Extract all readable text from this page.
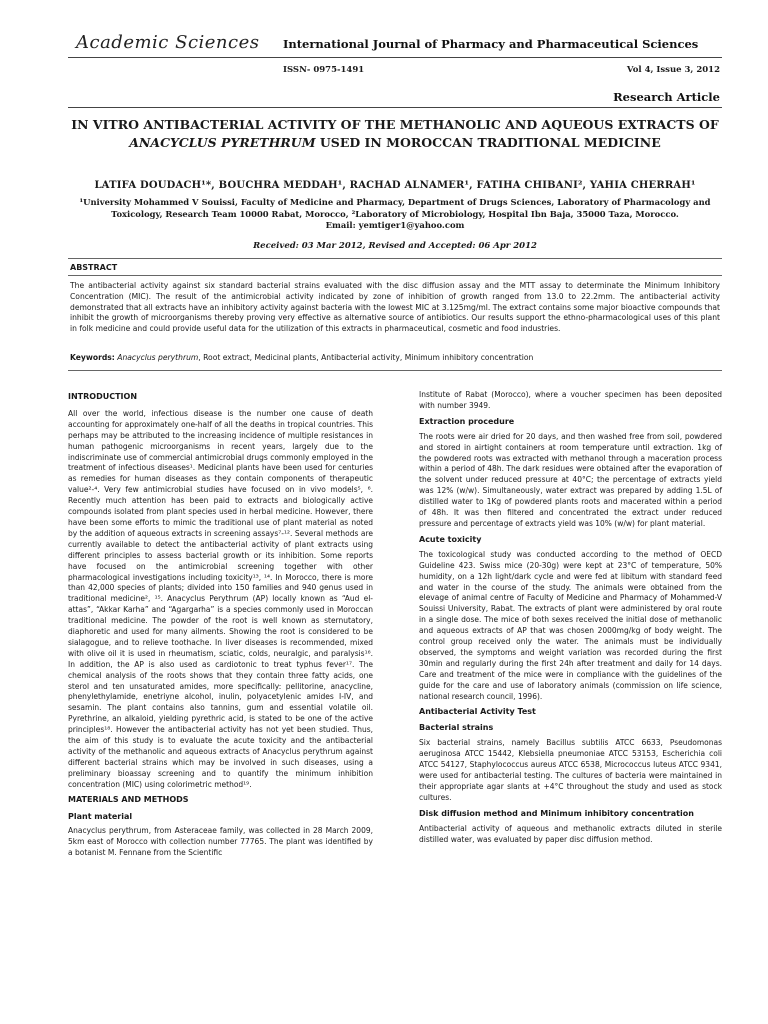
Academic Sciences International Journal of Pharmacy and Pharmaceutical Sciences
ISSN- 0975-1491	Vol 4, Issue 3, 2012
Research Article
IN VITRO ANTIBACTERIAL ACTIVITY OF THE METHANOLIC AND AQUEOUS EXTRACTS OF
ANACYCLUS PYRETHRUM USED IN MOROCCAN TRADITIONAL MEDICINE
LATIFA DOUDACH¹*, BOUCHRA MEDDAH¹, RACHAD ALNAMER¹, FATIHA CHIBANI², YAHIA CHERRAH¹
¹University Mohammed V Souissi, Faculty of Medicine and Pharmacy, Department of Drugs Sciences, Laboratory of Pharmacology and Toxicology, Research Team 10000 Rabat, Morocco, ²Laboratory of Microbiology, Hospital Ibn Baja, 35000 Taza, Morocco.
Email: yemtiger1@yahoo.com
Received: 03 Mar 2012, Revised and Accepted: 06 Apr 2012
ABSTRACT
The antibacterial activity against six standard bacterial strains evaluated with the disc diffusion assay and the MTT assay to determinate the Minimum Inhibitory Concentration (MIC). The result of the antimicrobial activity indicated by zone of inhibition of growth ranged from 13.0 to 22.2mm. The antibacterial activity demonstrated that all extracts have an inhibitory activity against bacteria with the lowest MIC at 3.125mg/ml. The extract contains some major bioactive compounds that inhibit the growth of microorganisms thereby proving very effective as alternative source of antibiotics. Our results support the ethno-pharmacological uses of this plant in folk medicine and could provide useful data for the utilization of this extracts in pharmaceutical, cosmetic and food industries.
Keywords: Anacyclus perythrum, Root extract, Medicinal plants, Antibacterial activity, Minimum inhibitory concentration
INTRODUCTION

All over the world, infectious disease is the number one cause of death accounting for approximately one-half of all the deaths in tropical countries. This perhaps may be attributed to the increasing incidence of multiple resistances in human pathogenic microorganisms in recent years, largely due to the indiscriminate use of commercial antimicrobial drugs commonly employed in the treatment of infectious diseases¹. Medicinal plants have been used for centuries as remedies for human diseases as they contain components of therapeutic value²-⁴. Very few antimicrobial studies have focused on in vivo models⁵, ⁶. Recently much attention has been paid to extracts and biologically active compounds isolated from plant species used in herbal medicine. However, there have been some efforts to mimic the traditional use of plant material as noted by the addition of aqueous extracts in screening assays⁷-¹². Several methods are currently available to detect the antibacterial activity of plant extracts using different principles to assess bacterial growth or its inhibition. Some reports have focused on the antimicrobial screening together with other pharmacological investigations including toxicity¹³, ¹⁴. In Morocco, there is more than 42,000 species of plants; divided into 150 families and 940 genus used in traditional medicine², ¹⁵. Anacyclus Perythrum (AP) locally known as “Aud el-attas”, “Akkar Karha” and “Agargarha” is a species commonly used in Moroccan traditional medicine. The powder of the root is well known as sternutatory, diaphoretic and used for many ailments. Showing the root is considered to be sialagogue, and to relieve toothache. In liver diseases is recommended, mixed with olive oil it is used in rheumatism, sciatic, colds, neuralgic, and paralysis¹⁶. In addition, the AP is also used as cardiotonic to treat typhus fever¹⁷. The chemical analysis of the roots shows that they contain three fatty acids, one sterol and ten unsaturated amides, more specifically: pellitorine, anacycline, phenylethylamide, enetriyne alcohol, inulin, polyacetylenic amides I-IV, and sesamin. The plant contains also tannins, gum and essential volatile oil. Pyrethrine, an alkaloid, yielding pyrethric acid, is stated to be one of the active principles¹⁸. However the antibacterial activity has not yet been studied. Thus, the aim of this study is to evaluate the acute toxicity and the antibacterial activity of the methanolic and aqueous extracts of Anacyclus perythrum against different bacterial strains which may be involved in such diseases, using a preliminary bioassay screening and to quantify the minimum inhibition concentration (MIC) using colorimetric method¹⁹.

MATERIALS AND METHODS
Plant material

Anacyclus perythrum, from Asteraceae family, was collected in 28 March 2009, 5km east of Morocco with collection number 77765. The plant was identified by a botanist M. Fennane from the Scientific

Institute of Rabat (Morocco), where a voucher specimen has been deposited with number 3949.

Extraction procedure

The roots were air dried for 20 days, and then washed free from soil, powdered and stored in airtight containers at room temperature until extraction. 1kg of the powdered roots was extracted with methanol through a maceration process within a period of 48h. The dark residues were obtained after the evaporation of the solvent under reduced pressure at 40°C; the percentage of extracts yield was 12% (w/w). Simultaneously, water extract was prepared by adding 1.5L of distilled water to 1Kg of powdered plants roots and macerated within a period of 48h. It was then filtered and concentrated the extract under reduced pressure and percentage of extracts yield was 10% (w/w) for plant material.

Acute toxicity

The toxicological study was conducted according to the method of OECD Guideline 423. Swiss mice (20-30g) were kept at 23°C of temperature, 50% humidity, on a 12h light/dark cycle and were fed at libitum with standard feed and water in the course of the study. The animals were obtained from the elevage of animal centre of Faculty of Medicine and Pharmacy of Mohammed-V Souissi University, Rabat. The extracts of plant were administered by oral route in a single dose. The mice of both sexes received the initial dose of methanolic and aqueous extracts of AP that was chosen 2000mg/kg of body weight. The control group received only the water. The animals must be individually observed, the symptoms and weight variation was recorded during the first 30min and regularly during the first 24h after treatment and daily for 14 days. Care and treatment of the mice were in compliance with the guidelines of the guide for the care and use of laboratory animals (commission on life science, national research council, 1996).

Antibacterial Activity Test
Bacterial strains

Six bacterial strains, namely Bacillus subtilis ATCC 6633, Pseudomonas aeruginosa ATCC 15442, Klebsiella pneumoniae ATCC 53153, Escherichia coli ATCC 54127, Staphylococcus aureus ATCC 6538, Micrococcus luteus ATCC 9341, were used for antibacterial testing. The cultures of bacteria were maintained in their appropriate agar slants at +4°C throughout the study and used as stock cultures.

Disk diffusion method and Minimum inhibitory concentration

Antibacterial activity of aqueous and methanolic extracts diluted in sterile distilled water, was evaluated by paper disc diffusion method.
